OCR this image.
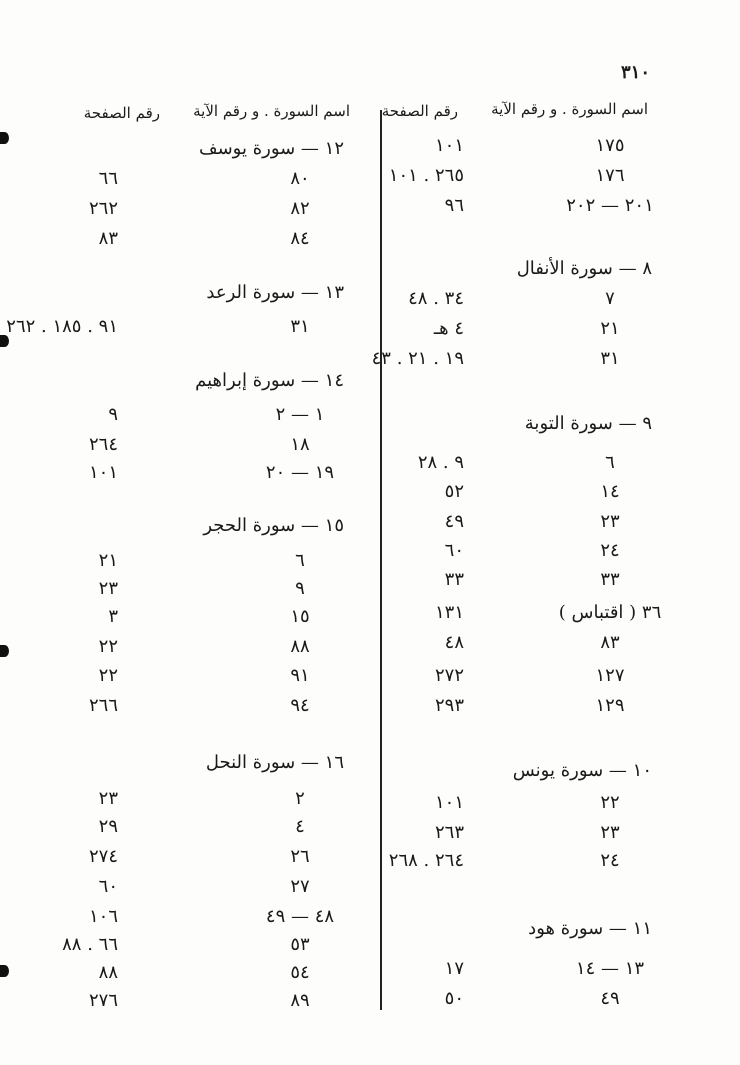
٣١٠
اسم السورة . و رقم الآية
رقم الصفحة
اسم السورة . و رقم الآية
رقم الصفحة
١٧٥
١٠١
١٧٦
٢٦٥ . ١٠١
٢٠١ — ٢٠٢
٩٦
٨ — سورة الأنفال
٧
٣٤ . ٤٨
٢١
٤ هـ
٣١
١٩ . ٢١ . ٤٣
٩ — سورة التوبة
٦
٩ . ٢٨
١٤
٥٢
٢٣
٤٩
٢٤
٦٠
٣٣
٣٣
٣٦ ( اقتباس )
١٣١
٨٣
٤٨
١٢٧
٢٧٢
١٢٩
٢٩٣
١٠ — سورة يونس
٢٢
١٠١
٢٣
٢٦٣
٢٤
٢٦٤ . ٢٦٨
١١ — سورة هود
١٣ — ١٤
١٧
٤٩
٥٠
١٢ — سورة يوسف
٨٠
٦٦
٨٢
٢٦٢
٨٤
٨٣
١٣ — سورة الرعد
٣١
٩١ . ١٨٥ . ٢٦٢
١٤ — سورة إبراهيم
١ — ٢
٩
١٨
٢٦٤
١٩ — ٢٠
١٠١
١٥ — سورة الحجر
٦
٢١
٩
٢٣
١٥
٣
٨٨
٢٢
٩١
٢٢
٩٤
٢٦٦
١٦ — سورة النحل
٢
٢٣
٤
٢٩
٢٦
٢٧٤
٢٧
٦٠
٤٨ — ٤٩
١٠٦
٥٣
٦٦ . ٨٨
٥٤
٨٨
٨٩
٢٧٦
